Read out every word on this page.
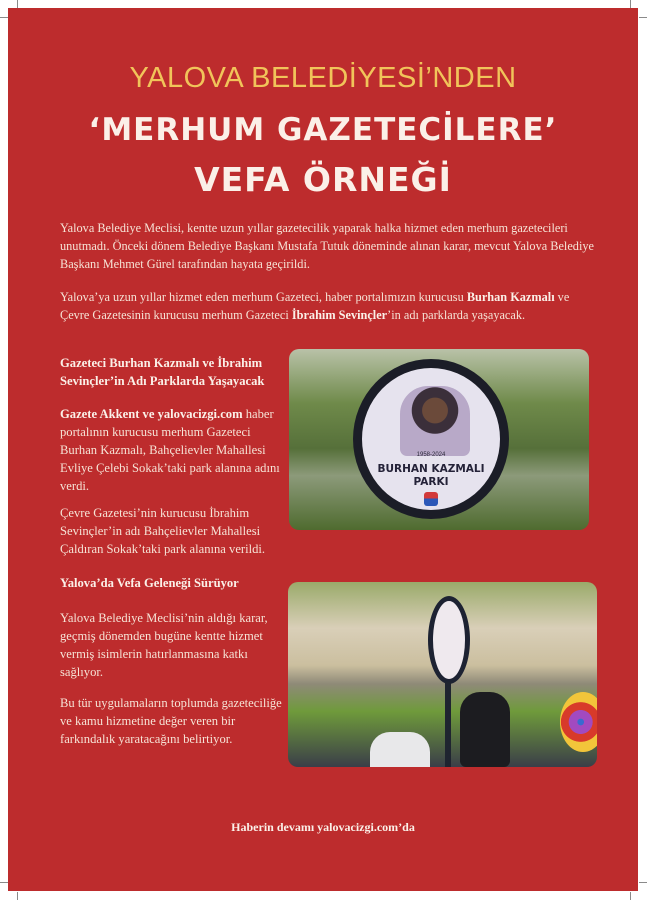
YALOVA BELEDİYESİ’NDEN
‘MERHUM GAZETECİLERE’
VEFA ÖRNEĞİ
Yalova Belediye Meclisi, kentte uzun yıllar gazetecilik yaparak halka hizmet eden merhum gazetecileri unutmadı. Önceki dönem Belediye Başkanı Mustafa Tutuk döneminde alınan karar, mevcut Yalova Belediye Başkanı Mehmet Gürel tarafından hayata geçirildi.
Yalova’ya uzun yıllar hizmet eden merhum Gazeteci, haber portalımızın kurucusu Burhan Kazmalı ve Çevre Gazetesinin kurucusu merhum Gazeteci İbrahim Sevinçler’in adı parklarda yaşayacak.
Gazeteci Burhan Kazmalı ve İbrahim Sevinçler’in Adı Parklarda Yaşayacak
Gazete Akkent ve yalovacizgi.com haber portalının kurucusu merhum Gazeteci Burhan Kazmalı, Bahçelievler Mahallesi Evliye Çelebi Sokak’taki park alanına adını verdi.
Çevre Gazetesi’nin kurucusu İbrahim Sevinçler’in adı Bahçelievler Mahallesi Çaldıran Sokak’taki park alanına verildi.
Yalova’da Vefa Geleneği Sürüyor
Yalova Belediye Meclisi’nin aldığı karar, geçmiş dönemden bugüne kentte hizmet vermiş isimlerin hatırlanmasına katkı sağlıyor.
Bu tür uygulamaların toplumda gazeteciliğe ve kamu hizmetine değer veren bir farkındalık yaratacağını belirtiyor.
1958-2024
BURHAN KAZMALI
PARKI
Haberin devamı yalovacizgi.com’da
